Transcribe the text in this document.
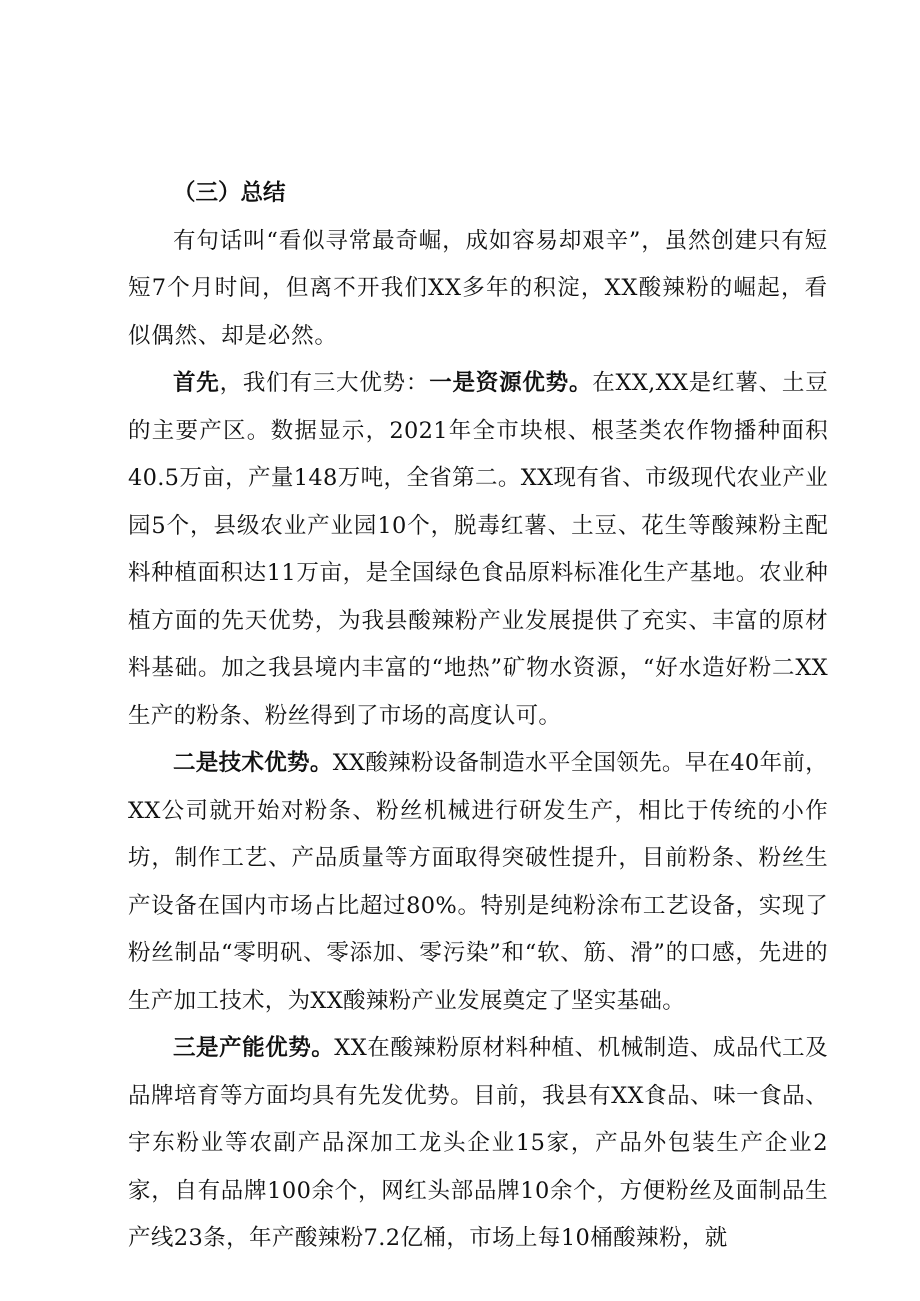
（三）总结

有句话叫“看似寻常最奇崛，成如容易却艰辛”，虽然创建只有短短7个月时间，但离不开我们XX多年的积淀，XX酸辣粉的崛起，看似偶然、却是必然。

首先，我们有三大优势：一是资源优势。在XX,XX是红薯、土豆的主要产区。数据显示，2021年全市块根、根茎类农作物播种面积40.5万亩，产量148万吨，全省第二。XX现有省、市级现代农业产业园5个，县级农业产业园10个，脱毒红薯、土豆、花生等酸辣粉主配料种植面积达11万亩，是全国绿色食品原料标准化生产基地。农业种植方面的先天优势，为我县酸辣粉产业发展提供了充实、丰富的原材料基础。加之我县境内丰富的“地热”矿物水资源，“好水造好粉二XX生产的粉条、粉丝得到了市场的高度认可。

二是技术优势。XX酸辣粉设备制造水平全国领先。早在40年前，XX公司就开始对粉条、粉丝机械进行研发生产，相比于传统的小作坊，制作工艺、产品质量等方面取得突破性提升，目前粉条、粉丝生产设备在国内市场占比超过80%。特别是纯粉涂布工艺设备，实现了粉丝制品“零明矾、零添加、零污染”和“软、筋、滑”的口感，先进的生产加工技术，为XX酸辣粉产业发展奠定了坚实基础。

三是产能优势。XX在酸辣粉原材料种植、机械制造、成品代工及品牌培育等方面均具有先发优势。目前，我县有XX食品、味一食品、宇东粉业等农副产品深加工龙头企业15家，产品外包装生产企业2家，自有品牌100余个，网红头部品牌10余个，方便粉丝及面制品生产线23条，年产酸辣粉7.2亿桶，市场上每10桶酸辣粉，就
